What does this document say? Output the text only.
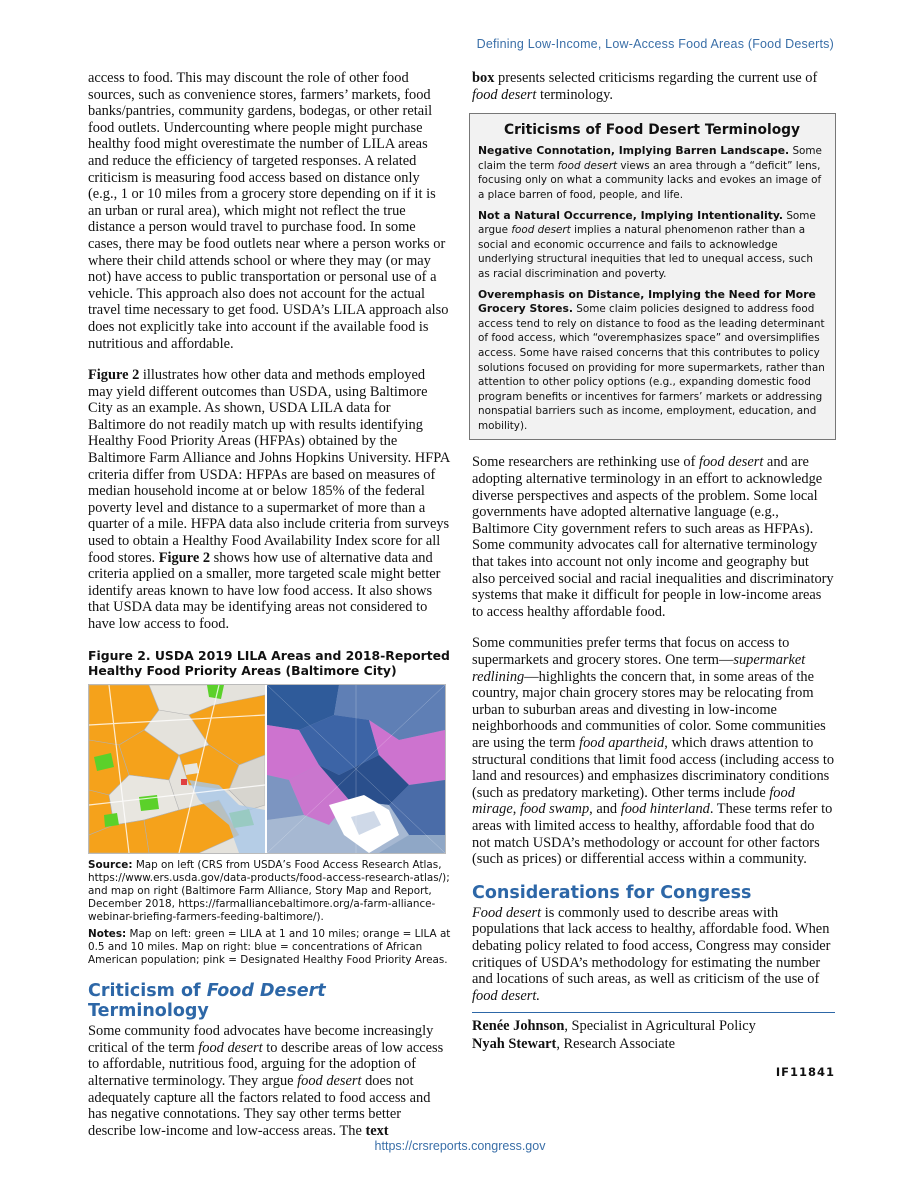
Defining Low-Income, Low-Access Food Areas (Food Deserts)

access to food. This may discount the role of other food sources, such as convenience stores, farmers’ markets, food banks/pantries, community gardens, bodegas, or other retail food outlets. Undercounting where people might purchase healthy food might overestimate the number of LILA areas and reduce the efficiency of targeted responses. A related criticism is measuring food access based on distance only (e.g., 1 or 10 miles from a grocery store depending on if it is an urban or rural area), which might not reflect the true distance a person would travel to purchase food. In some cases, there may be food outlets near where a person works or where their child attends school or where they may (or may not) have access to public transportation or personal use of a vehicle. This approach also does not account for the actual travel time necessary to get food. USDA’s LILA approach also does not explicitly take into account if the available food is nutritious and affordable.

Figure 2 illustrates how other data and methods employed may yield different outcomes than USDA, using Baltimore City as an example. As shown, USDA LILA data for Baltimore do not readily match up with results identifying Healthy Food Priority Areas (HFPAs) obtained by the Baltimore Farm Alliance and Johns Hopkins University. HFPA criteria differ from USDA: HFPAs are based on measures of median household income at or below 185% of the federal poverty level and distance to a supermarket of more than a quarter of a mile. HFPA data also include criteria from surveys used to obtain a Healthy Food Availability Index score for all food stores. Figure 2 shows how use of alternative data and criteria applied on a smaller, more targeted scale might better identify areas known to have low food access. It also shows that USDA data may be identifying areas not considered to have low access to food.

Figure 2. USDA 2019 LILA Areas and 2018-Reported Healthy Food Priority Areas (Baltimore City)
Source: Map on left (CRS from USDA’s Food Access Research Atlas, https://www.ers.usda.gov/data-products/food-access-research-atlas/); and map on right (Baltimore Farm Alliance, Story Map and Report, December 2018, https://farmalliancebaltimore.org/a-farm-alliance-webinar-briefing-farmers-feeding-baltimore/).
Notes: Map on left: green = LILA at 1 and 10 miles; orange = LILA at 0.5 and 10 miles. Map on right: blue = concentrations of African American population; pink = Designated Healthy Food Priority Areas.
Criticism of Food Desert Terminology

Some community food advocates have become increasingly critical of the term food desert to describe areas of low access to affordable, nutritious food, arguing for the adoption of alternative terminology. They argue food desert does not adequately capture all the factors related to food access and has negative connotations. They say other terms better describe low-income and low-access areas. The text

box presents selected criticisms regarding the current use of food desert terminology.

Criticisms of Food Desert Terminology

Negative Connotation, Implying Barren Landscape. Some claim the term food desert views an area through a “deficit” lens, focusing only on what a community lacks and evokes an image of a place barren of food, people, and life.

Not a Natural Occurrence, Implying Intentionality. Some argue food desert implies a natural phenomenon rather than a social and economic occurrence and fails to acknowledge underlying structural inequities that led to unequal access, such as racial discrimination and poverty.

Overemphasis on Distance, Implying the Need for More Grocery Stores. Some claim policies designed to address food access tend to rely on distance to food as the leading determinant of food access, which “overemphasizes space” and oversimplifies access. Some have raised concerns that this contributes to policy solutions focused on providing for more supermarkets, rather than attention to other policy options (e.g., expanding domestic food program benefits or incentives for farmers’ markets or addressing nonspatial barriers such as income, employment, education, and mobility).

Some researchers are rethinking use of food desert and are adopting alternative terminology in an effort to acknowledge diverse perspectives and aspects of the problem. Some local governments have adopted alternative language (e.g., Baltimore City government refers to such areas as HFPAs). Some community advocates call for alternative terminology that takes into account not only income and geography but also perceived social and racial inequalities and discriminatory systems that make it difficult for people in low-income areas to access healthy affordable food.

Some communities prefer terms that focus on access to supermarkets and grocery stores. One term—supermarket redlining—highlights the concern that, in some areas of the country, major chain grocery stores may be relocating from urban to suburban areas and divesting in low-income neighborhoods and communities of color. Some communities are using the term food apartheid, which draws attention to structural conditions that limit food access (including access to land and resources) and emphasizes discriminatory conditions (such as predatory marketing). Other terms include food mirage, food swamp, and food hinterland. These terms refer to areas with limited access to healthy, affordable food that do not match USDA’s methodology or account for other factors (such as prices) or differential access within a community.

Considerations for Congress

Food desert is commonly used to describe areas with populations that lack access to healthy, affordable food. When debating policy related to food access, Congress may consider critiques of USDA’s methodology for estimating the number and locations of such areas, as well as criticism of the use of food desert.

Renée Johnson, Specialist in Agricultural Policy
Nyah Stewart, Research Associate
IF11841
https://crsreports.congress.gov
